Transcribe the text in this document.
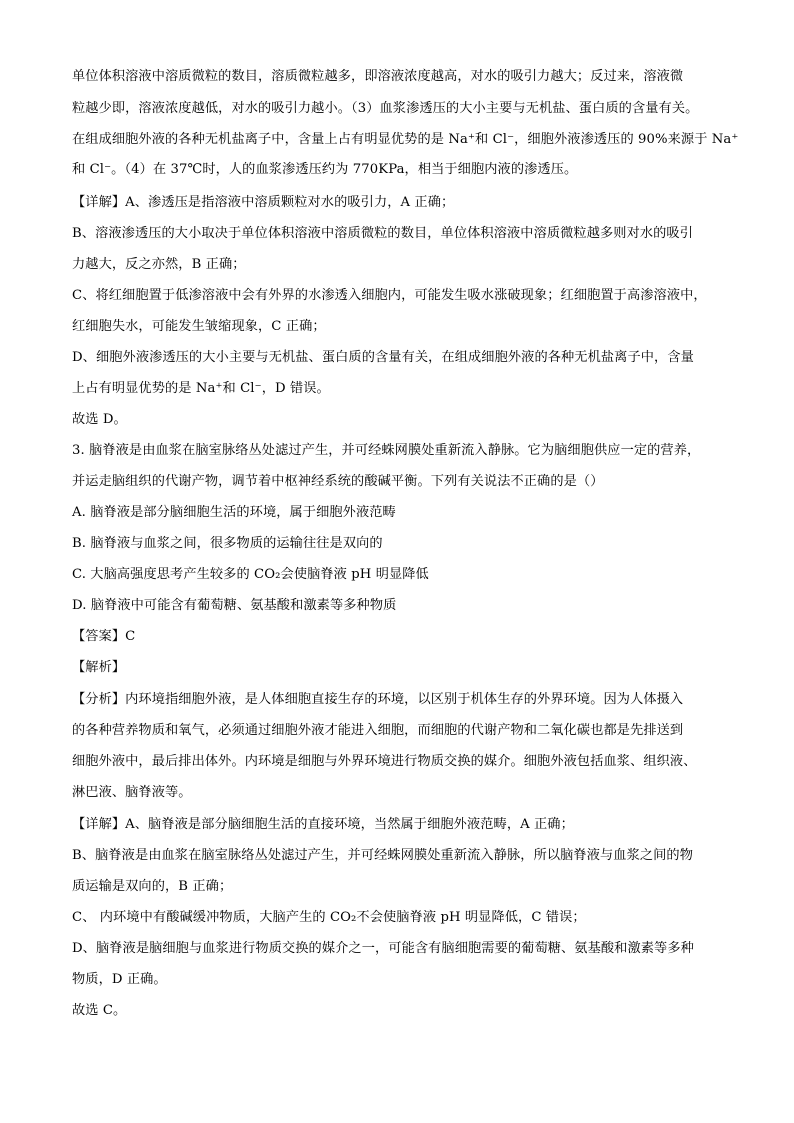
单位体积溶液中溶质微粒的数目，溶质微粒越多，即溶液浓度越高，对水的吸引力越大；反过来，溶液微

粒越少即，溶液浓度越低，对水的吸引力越小。（3）血浆渗透压的大小主要与无机盐、蛋白质的含量有关。

在组成细胞外液的各种无机盐离子中，含量上占有明显优势的是 Na⁺和 Cl⁻，细胞外液渗透压的 90%来源于 Na⁺

和 Cl⁻。（4）在 37℃时，人的血浆渗透压约为 770KPa，相当于细胞内液的渗透压。

【详解】A、渗透压是指溶液中溶质颗粒对水的吸引力，A 正确；

B、溶液渗透压的大小取决于单位体积溶液中溶质微粒的数目，单位体积溶液中溶质微粒越多则对水的吸引

力越大，反之亦然，B 正确；

C、将红细胞置于低渗溶液中会有外界的水渗透入细胞内，可能发生吸水涨破现象；红细胞置于高渗溶液中，

红细胞失水，可能发生皱缩现象，C 正确；

D、细胞外液渗透压的大小主要与无机盐、蛋白质的含量有关，在组成细胞外液的各种无机盐离子中，含量

上占有明显优势的是 Na⁺和 Cl⁻，D 错误。

故选 D。

3. 脑脊液是由血浆在脑室脉络丛处滤过产生，并可经蛛网膜处重新流入静脉。它为脑细胞供应一定的营养，

并运走脑组织的代谢产物，调节着中枢神经系统的酸碱平衡。下列有关说法不正确的是（）

A. 脑脊液是部分脑细胞生活的环境，属于细胞外液范畴

B. 脑脊液与血浆之间，很多物质的运输往往是双向的

C. 大脑高强度思考产生较多的 CO₂会使脑脊液 pH 明显降低

D. 脑脊液中可能含有葡萄糖、氨基酸和激素等多种物质

【答案】C

【解析】

【分析】内环境指细胞外液，是人体细胞直接生存的环境，以区别于机体生存的外界环境。因为人体摄入

的各种营养物质和氧气，必须通过细胞外液才能进入细胞，而细胞的代谢产物和二氧化碳也都是先排送到

细胞外液中，最后排出体外。内环境是细胞与外界环境进行物质交换的媒介。细胞外液包括血浆、组织液、

淋巴液、脑脊液等。

【详解】A、脑脊液是部分脑细胞生活的直接环境，当然属于细胞外液范畴，A 正确；

B、脑脊液是由血浆在脑室脉络丛处滤过产生，并可经蛛网膜处重新流入静脉，所以脑脊液与血浆之间的物

质运输是双向的，B 正确；

C、 内环境中有酸碱缓冲物质，大脑产生的 CO₂不会使脑脊液 pH 明显降低，C 错误；

D、脑脊液是脑细胞与血浆进行物质交换的媒介之一，可能含有脑细胞需要的葡萄糖、氨基酸和激素等多种

物质，D 正确。

故选 C。
